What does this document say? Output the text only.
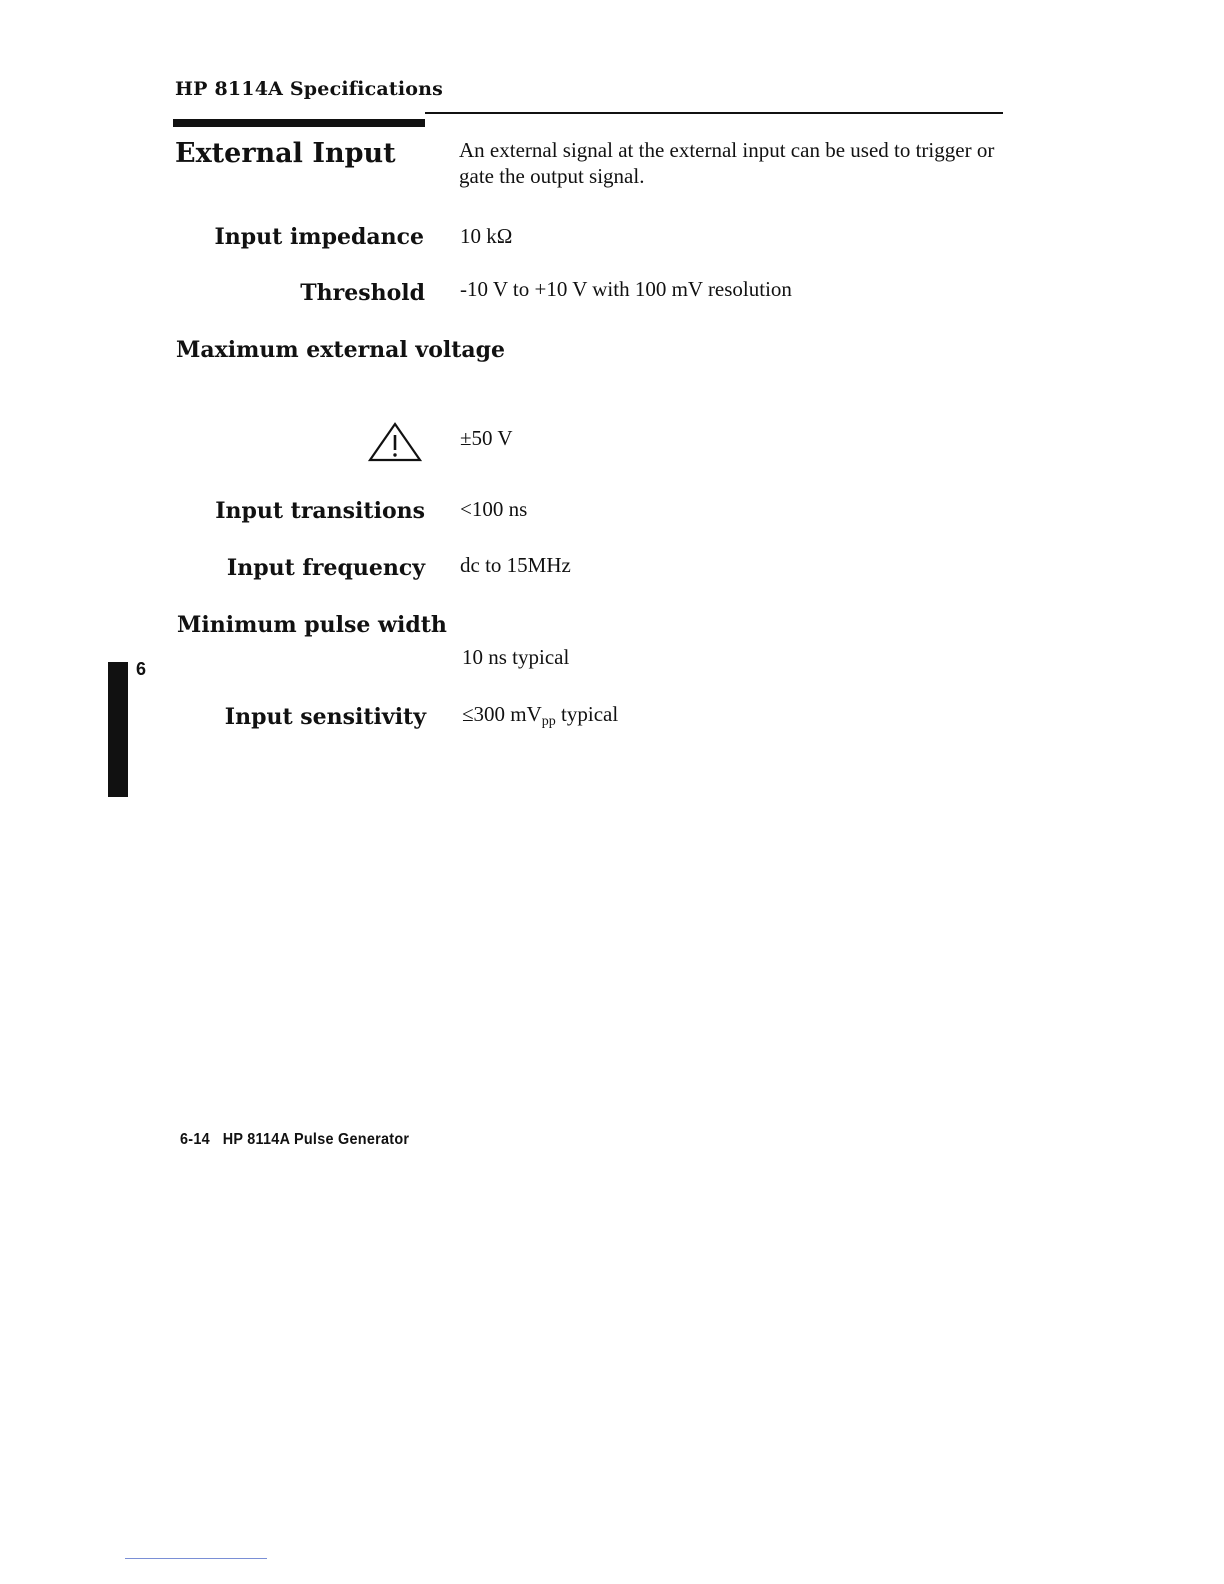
HP 8114A Specifications
External Input	An external signal at the external input can be used to trigger or gate the output signal.
Input impedance 10 kΩ
Threshold -10 V to +10 V with 100 mV resolution
Maximum external voltage
±50 V
Input transitions <100 ns
Input frequency dc to 15MHz
Minimum pulse width
10 ns typical
Input sensitivity ≤300 $mV_{pp}$ typical
6
6-14   HP 8114A Pulse Generator
